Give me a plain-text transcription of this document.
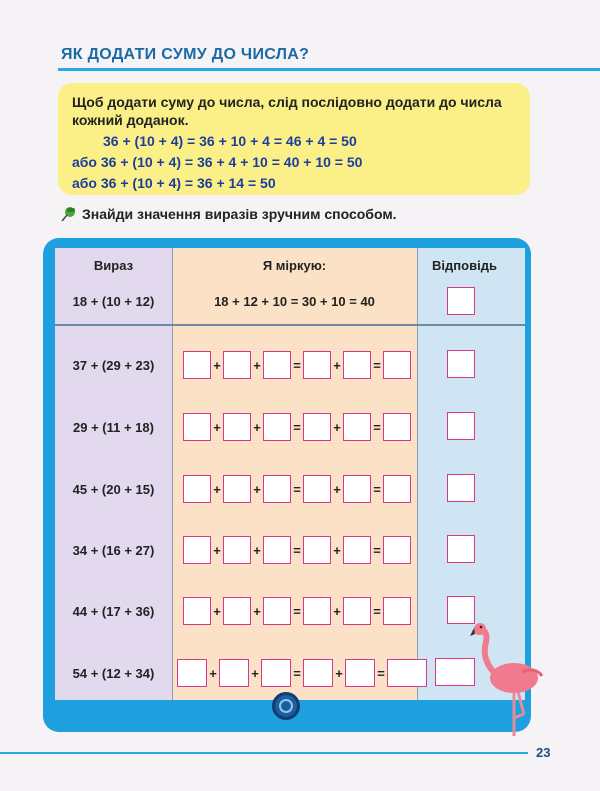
ЯК ДОДАТИ СУМУ ДО ЧИСЛА?
Щоб додати суму до числа, слід послідовно додати до числа кожний доданок.
36 + (10 + 4) = 36 + 10 + 4 = 46 + 4 = 50
або 36 + (10 + 4) = 36 + 4 + 10 = 40 + 10 = 50
або 36 + (10 + 4) = 36 + 14 = 50
Знайди значення виразів зручним способом.
Вираз	Я міркую:	Відповідь
18 + (10 + 12)	18 + 12 + 10 = 30 + 10 = 40
37 + (29 + 23)	+ + = + =
29 + (11 + 18)	+ + = + =
45 + (20 + 15)	+ + = + =
34 + (16 + 27)	+ + = + =
44 + (17 + 36)	+ + = + =
54 + (12 + 34)	+	+	=	+	=
23
